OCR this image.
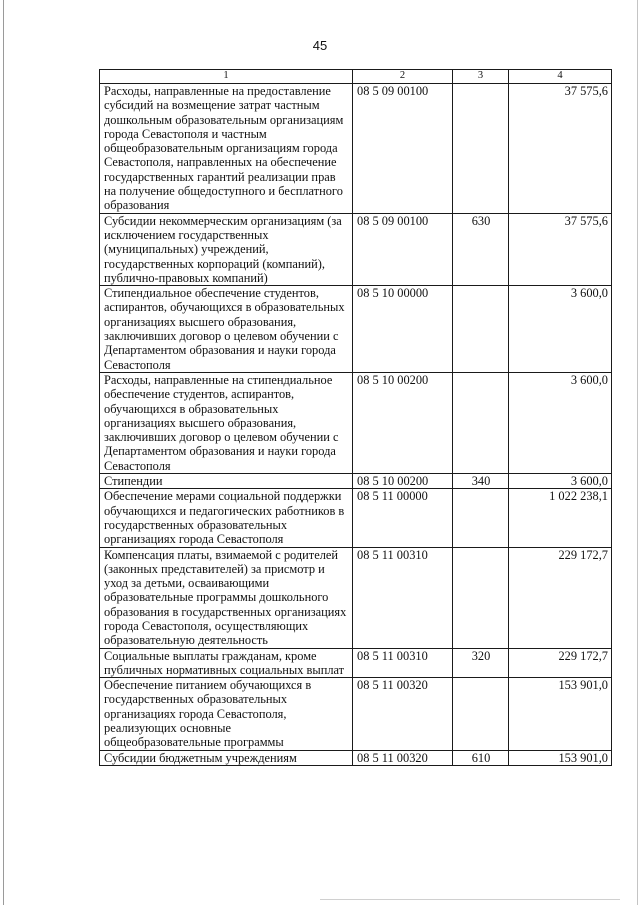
45
1	2	3	4
Расходы, направленные на предоставление субсидий на возмещение затрат частным дошкольным образовательным организациям города Севастополя и частным общеобразовательным организациям города Севастополя, направленных на обеспечение государственных гарантий реализации прав на получение общедоступного и бесплатного образования	08 5 09 00100		37 575,6
Субсидии некоммерческим организациям (за исключением государственных (муниципальных) учреждений, государственных корпораций (компаний), публично-правовых компаний)	08 5 09 00100	630	37 575,6
Стипендиальное обеспечение студентов, аспирантов, обучающихся в образовательных организациях высшего образования, заключивших договор о целевом обучении с Департаментом образования и науки города Севастополя	08 5 10 00000		3 600,0
Расходы, направленные на стипендиальное обеспечение студентов, аспирантов, обучающихся в образовательных организациях высшего образования, заключивших договор о целевом обучении с Департаментом образования и науки города Севастополя	08 5 10 00200		3 600,0
Стипендии	08 5 10 00200	340	3 600,0
Обеспечение мерами социальной поддержки обучающихся и педагогических работников в государственных образовательных организациях города Севастополя	08 5 11 00000		1 022 238,1
Компенсация платы, взимаемой с родителей (законных представителей) за присмотр и уход за детьми, осваивающими образовательные программы дошкольного образования в государственных организациях города Севастополя, осуществляющих образовательную деятельность	08 5 11 00310		229 172,7
Социальные выплаты гражданам, кроме публичных нормативных социальных выплат	08 5 11 00310	320	229 172,7
Обеспечение питанием обучающихся в государственных образовательных организациях города Севастополя, реализующих основные общеобразовательные программы	08 5 11 00320		153 901,0
Субсидии бюджетным учреждениям	08 5 11 00320	610	153 901,0
